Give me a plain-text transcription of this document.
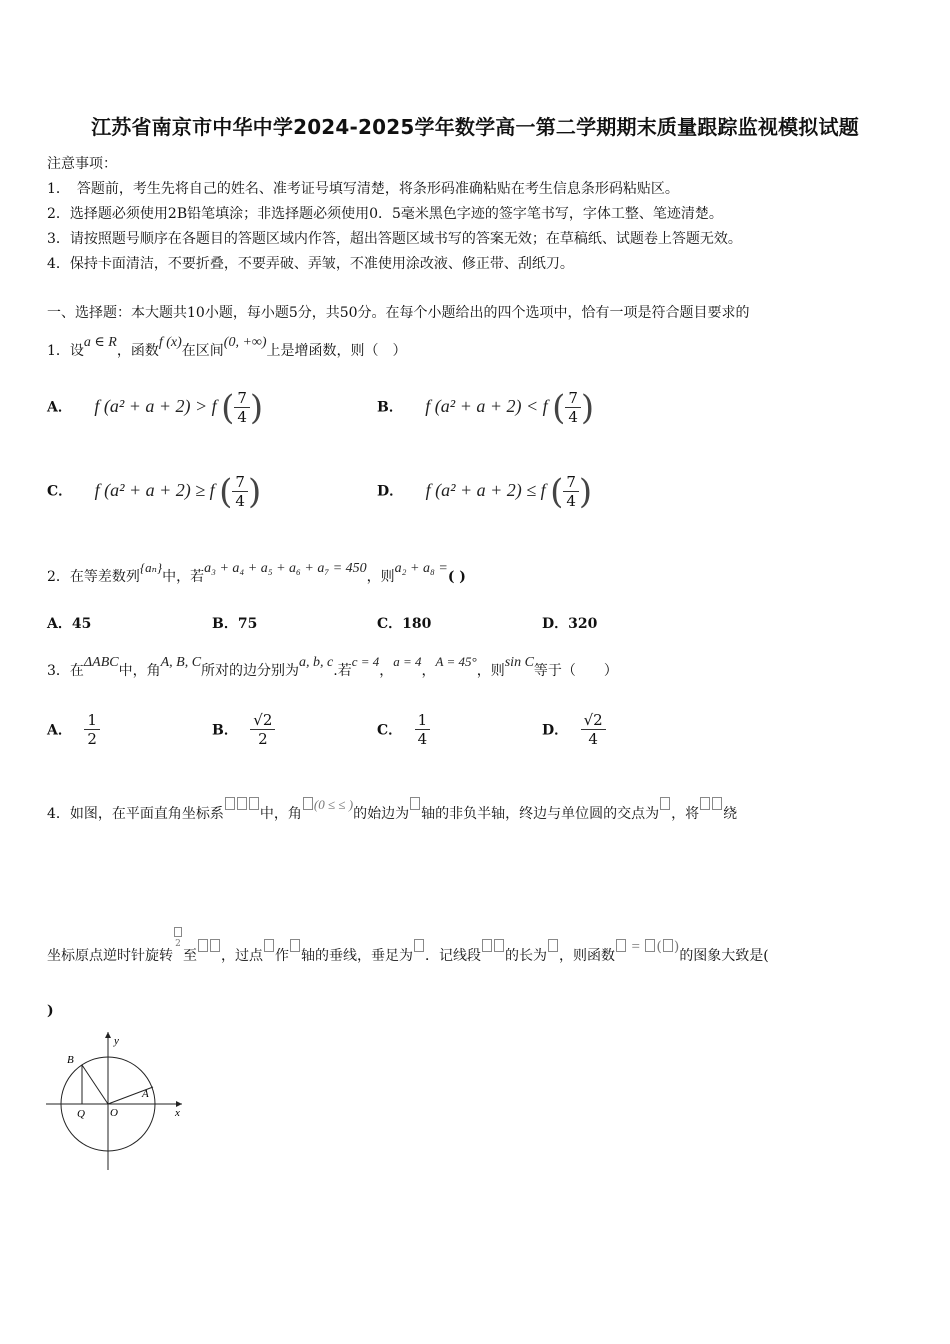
江苏省南京市中华中学2024-2025学年数学高一第二学期期末质量跟踪监视模拟试题
注意事项：
1．　答题前，考生先将自己的姓名、准考证号填写清楚，将条形码准确粘贴在考生信息条形码粘贴区。
2．选择题必须使用2B铅笔填涂；非选择题必须使用0．5毫米黑色字迹的签字笔书写，字体工整、笔迹清楚。
3．请按照题号顺序在各题目的答题区域内作答，超出答题区域书写的答案无效；在草稿纸、试题卷上答题无效。
4．保持卡面清洁，不要折叠，不要弄破、弄皱，不准使用涂改液、修正带、刮纸刀。
一、选择题：本大题共10小题，每小题5分，共50分。在每个小题给出的四个选项中，恰有一项是符合题目要求的
1．设a ∈ R，函数f (x)在区间(0, +∞)上是增函数，则（　）
A． f (a² + a + 2) > f ( $\frac{7}{4}$ )	B． f (a² + a + 2) < f ( $\frac{7}{4}$ )
C． f (a² + a + 2) ≥ f ( $\frac{7}{4}$ )	D． f (a² + a + 2) ≤ f ( $\frac{7}{4}$ )
2．在等差数列{aₙ}中，若a₃ + a₄ + a₅ + a₆ + a₇ = 450，则a₂ + a₈ =( )
A．45	B．75	C．180	D．320
3．在ΔABC中，角A, B, C所对的边分别为a, b, c.若c = 4，a = 4，A = 45°，则sin C等于（　　）
A． $\frac{1}{2}$	B． $\frac{√2}{2}$	C． $\frac{1}{4}$	D． $\frac{√2}{4}$
4．如图，在平面直角坐标系	中，角(0 ≤ ≤ )的始边为 轴的非负半轴，终边与单位圆的交点为 ，将 绕
坐标原点逆时针旋转
2至 ，过点 作 轴的垂线，垂足为 ．记线段 的长为 ，则函数 = ( )的图象大致是(
)
y
x
B
A
Q O
